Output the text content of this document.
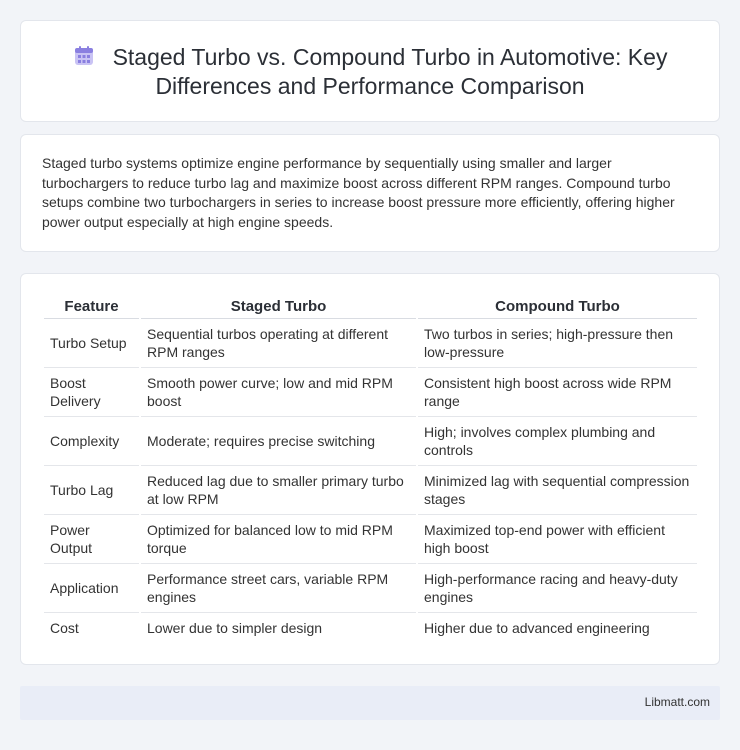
Staged Turbo vs. Compound Turbo in Automotive: Key Differences and Performance Comparison

Staged turbo systems optimize engine performance by sequentially using smaller and larger turbochargers to reduce turbo lag and maximize boost across different RPM ranges. Compound turbo setups combine two turbochargers in series to increase boost pressure more efficiently, offering higher power output especially at high engine speeds.

Feature	Staged Turbo	Compound Turbo
Turbo Setup	Sequential turbos operating at different RPM ranges	Two turbos in series; high-pressure then low-pressure
Boost Delivery	Smooth power curve; low and mid RPM boost	Consistent high boost across wide RPM range
Complexity	Moderate; requires precise switching	High; involves complex plumbing and controls
Turbo Lag	Reduced lag due to smaller primary turbo at low RPM	Minimized lag with sequential compression stages
Power Output	Optimized for balanced low to mid RPM torque	Maximized top-end power with efficient high boost
Application	Performance street cars, variable RPM engines	High-performance racing and heavy-duty engines
Cost	Lower due to simpler design	Higher due to advanced engineering
Libmatt.com
